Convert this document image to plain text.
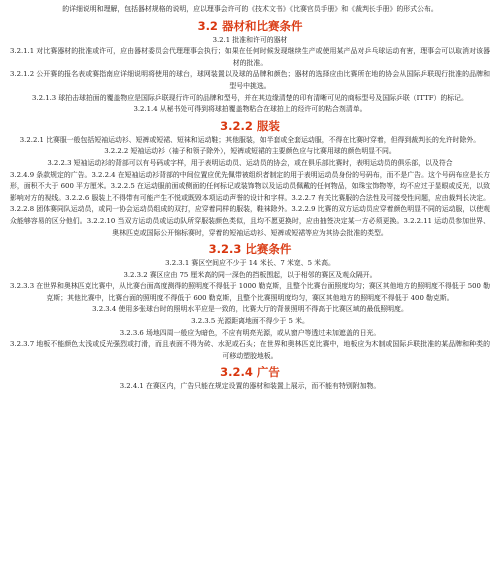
的详细说明和理解，包括器材规格的说明，应以理事会许可的《技术文书》《比赛官员手册》和《裁判长手册》的形式公布。

3.2 器材和比赛条件
3.2.1 批准和许可的器材

3.2.1.1 对比赛器材的批准或许可，应由器材委员会代理理事会执行；如果在任何时候发现继续生产或使用某产品对乒乓球运动有害，理事会可以取消对该器材的批准。

3.2.1.2 公开赛的报名表或赛指南应详细说明将使用的球台，球网装置以及球的品牌和颜色；器材的选择应由比赛所在地的协会从国际乒联现行批准的品牌和型号中挑选。

3.2.1.3 球拍击球拍面的覆盖物应是国际乒联现行许可的品牌和型号，并在其边缘清楚的印有清晰可见的商标型号及国际乒联（ITTF）的标记。

3.2.1.4 从秘书处可得到将球拍覆盖物粘合在球拍上的经许可的粘合剂清单。

3.2.2 服装

3.2.2.1 比赛服一般包括短袖运动衫、短裤或短裙、短袜和运动鞋；其他服装，如半套或全套运动服，不得在比赛时穿着，但得到裁判长的允许时除外。

3.2.2.2 短袖运动衫（袖子和领子除外），短裤或短裙的主要颜色应与比赛用球的颜色明显不同。

3.2.2.3 短袖运动衫的背部可以有号码或字样，用于表明运动员、运动员的协会，或在俱乐部比赛时，表明运动员的俱乐部，以及符合

3.2.4.9 条款规定的广告。3.2.2.4 在短袖运动衫背部的中间位置应优先佩带被组织者制定的用于表明运动员身份的号码布，而不是广告。这个号码布应是长方形，面积不大于 600 平方厘米。3.2.2.5 在运动服前面或侧面的任何标记或装饰物以及运动员佩戴的任何物品，如珠宝饰物等，均不应过于显眼或反光，以致影响对方的视线。3.2.2.6 服装上不得带有可能产生不悦或既毁本项运动声誉的设计和字样。3.2.2.7 有关比赛服的合法性及可接受性问题，应由裁判长决定。3.2.2.8 团体赛同队运动员，或同一协会运动员组成的双打，应穿着同样的服装，鞋袜除外。3.2.2.9 比赛的双方运动员应穿着颜色明显不同的运动服，以使观众能够容易的区分他们。3.2.2.10 当双方运动员或运动队所穿服装颜色类似，且均不愿更换时，应由抽签决定某一方必须更换。3.2.2.11 运动员参加世界、奥林匹克或国际公开锦标赛时，穿着的短袖运动衫、短裤或短裙等应为其协会批准的类型。

3.2.3 比赛条件

3.2.3.1 赛区空间应不少于 14 米长、7 米宽、5 米高。

3.2.3.2 赛区应由 75 厘米高的同一深色的挡板围起，以于相邻的赛区及观众隔开。

3.2.3.3 在世界和奥林匹克比赛中，从比赛台面高度测得的照明度不得低于 1000 勒克斯，且整个比赛台面照度均匀；赛区其他地方的照明度不得低于 500 勒克斯；其他比赛中，比赛台面的照明度不得低于 600 勒克斯，且整个比赛照明度均匀，赛区其他地方的照明度不得低于 400 勒克斯。

3.2.3.4 使用多张球台时的照明水平应是一致的，比赛大厅的背景照明不得高于比赛区域的最低照明度。

3.2.3.5 光源距离地面不得少于 5 米。

3.2.3.6 场地四周一般应为暗色，不应有明亮光源，或从窗户等透过未加遮盖的日光。

3.2.3.7 地板不能颜色太浅或反光强烈或打滑，而且表面不得为砖、水泥或石头；在世界和奥林匹克比赛中，地板应为木制或国际乒联批准的某品牌和种类的可移动塑胶地板。

3.2.4 广告

3.2.4.1 在赛区内，广告只能在规定设置的器材和装置上展示，而不能有特别附加物。
